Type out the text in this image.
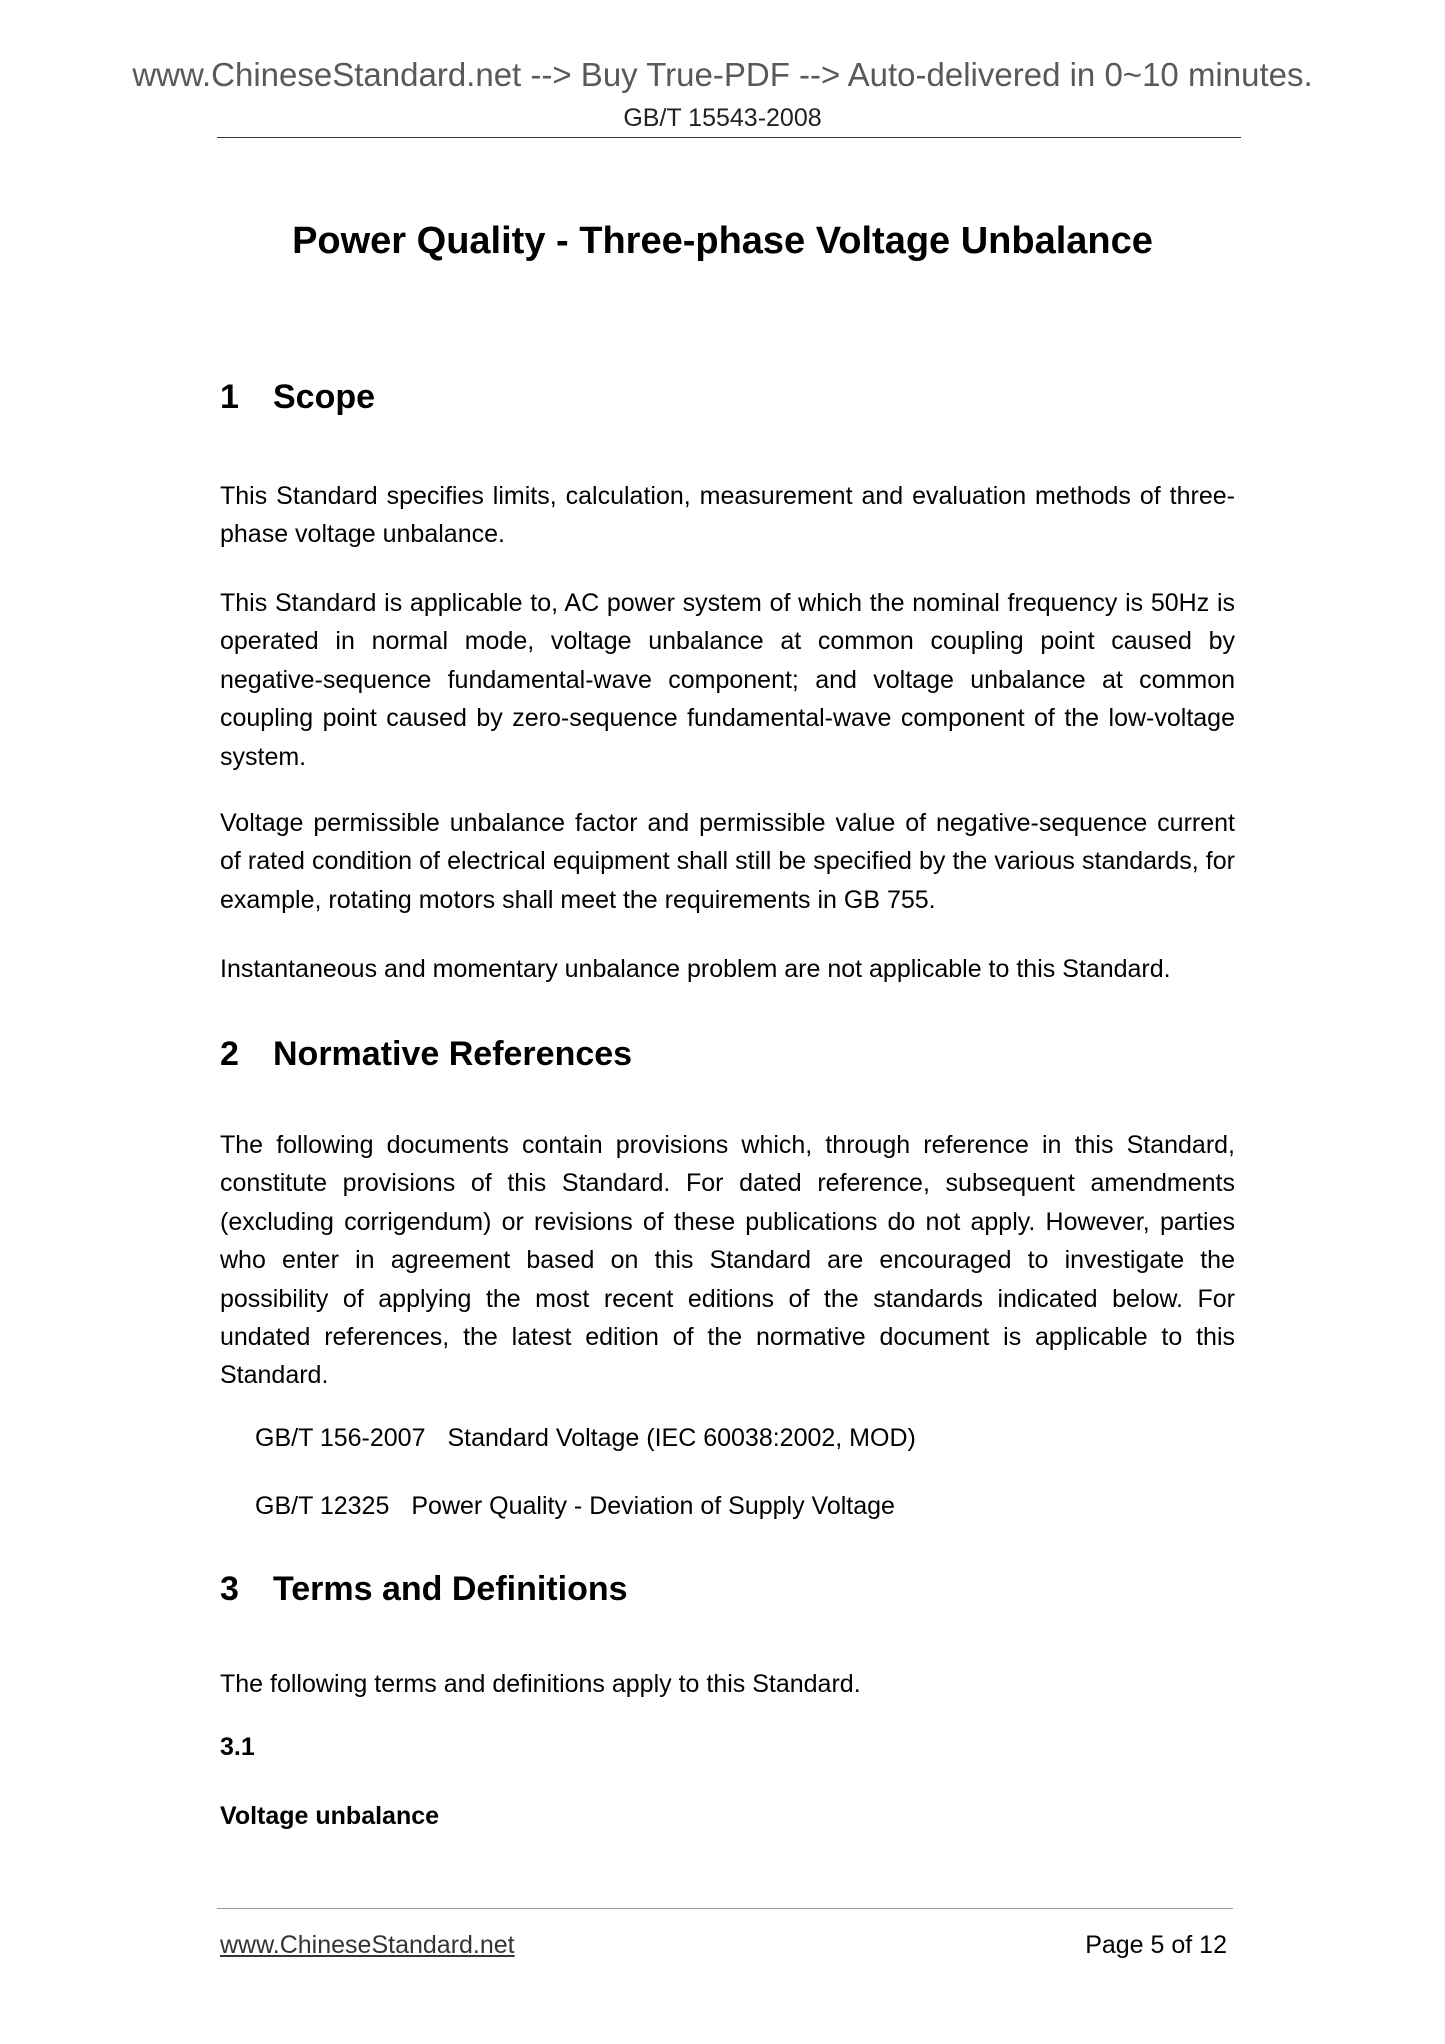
www.ChineseStandard.net --> Buy True-PDF --> Auto-delivered in 0~10 minutes.
GB/T 15543-2008
Power Quality - Three-phase Voltage Unbalance
1 Scope

This Standard specifies limits, calculation, measurement and evaluation methods of three-phase voltage unbalance.

This Standard is applicable to, AC power system of which the nominal frequency is 50Hz is operated in normal mode, voltage unbalance at common coupling point caused by negative-sequence fundamental-wave component; and voltage unbalance at common coupling point caused by zero-sequence fundamental-wave component of the low-voltage system.

Voltage permissible unbalance factor and permissible value of negative-sequence current of rated condition of electrical equipment shall still be specified by the various standards, for example, rotating motors shall meet the requirements in GB 755.

Instantaneous and momentary unbalance problem are not applicable to this Standard.

2 Normative References

The following documents contain provisions which, through reference in this Standard, constitute provisions of this Standard. For dated reference, subsequent amendments (excluding corrigendum) or revisions of these publications do not apply. However, parties who enter in agreement based on this Standard are encouraged to investigate the possibility of applying the most recent editions of the standards indicated below. For undated references, the latest edition of the normative document is applicable to this Standard.

GB/T 156-2007 Standard Voltage (IEC 60038:2002, MOD)
GB/T 12325 Power Quality - Deviation of Supply Voltage
3 Terms and Definitions

The following terms and definitions apply to this Standard.

3.1
Voltage unbalance
www.ChineseStandard.net	Page 5 of 12
